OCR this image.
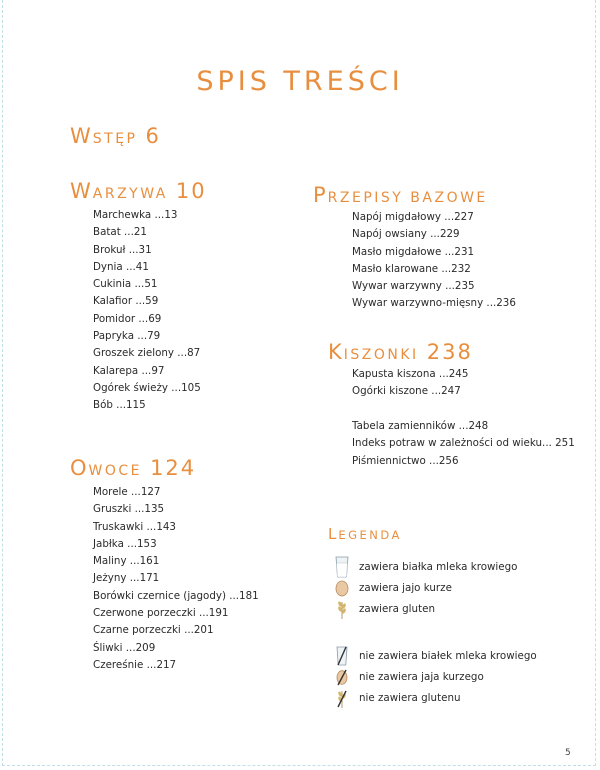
SPIS TREŚCI
WSTĘP 6
WARZYWA 10
Marchewka ...13
Batat ...21
Brokuł ...31
Dynia ...41
Cukinia ...51
Kalafior ...59
Pomidor ...69
Papryka ...79
Groszek zielony ...87
Kalarepa ...97
Ogórek świeży ...105
Bób ...115
OWOCE 124
Morele ...127
Gruszki ...135
Truskawki ...143
Jabłka ...153
Maliny ...161
Jeżyny ...171
Borówki czernice (jagody) ...181
Czerwone porzeczki ...191
Czarne porzeczki ...201
Śliwki ...209
Czereśnie ...217
PRZEPISY BAZOWE
Napój migdałowy ...227
Napój owsiany ...229
Masło migdałowe ...231
Masło klarowane ...232
Wywar warzywny ...235
Wywar warzywno-mięsny ...236
KISZONKI 238
Kapusta kiszona ...245
Ogórki kiszone ...247
Tabela zamienników ...248
Indeks potraw w zależności od wieku... 251
Piśmiennictwo ...256
LEGENDA
zawiera białka mleka krowiego
zawiera jajo kurze
zawiera gluten
nie zawiera białek mleka krowiego
nie zawiera jaja kurzego
nie zawiera glutenu
5
